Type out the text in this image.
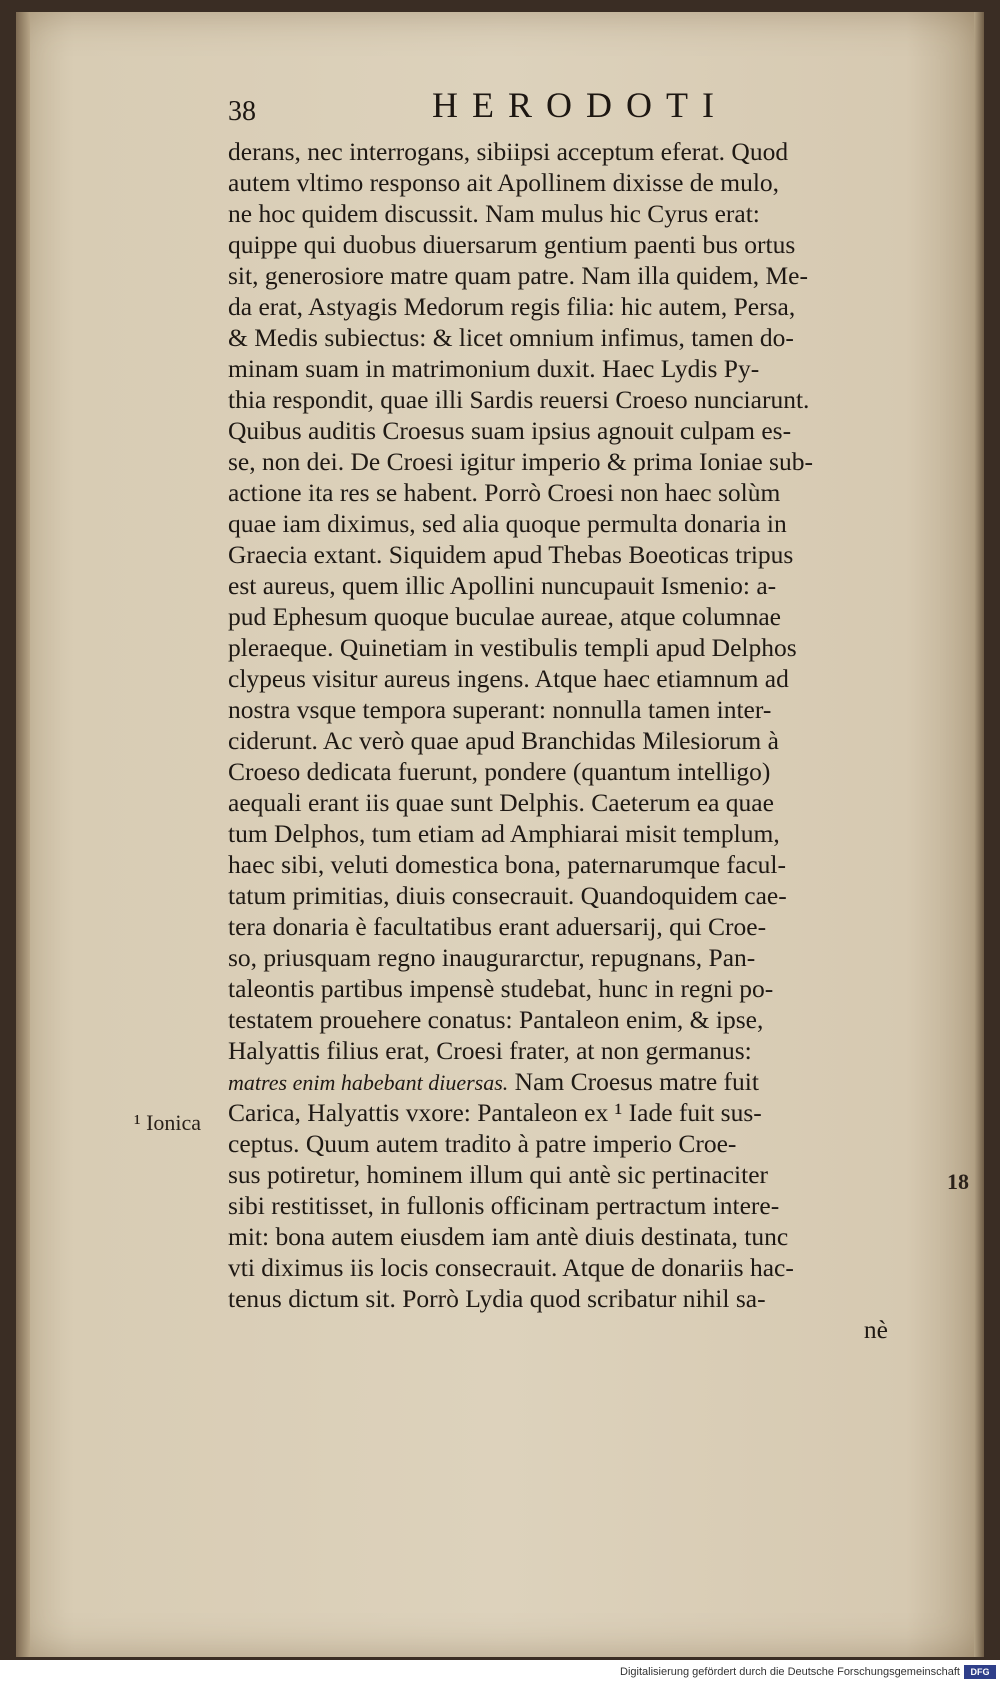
38	HERODOTI
derans, nec interrogans, sibiipsi acceptum eferat. Quod
autem vltimo responso ait Apollinem dixisse de mulo,
ne hoc quidem discussit. Nam mulus hic Cyrus erat:
quippe qui duobus diuersarum gentium paenti bus ortus
sit, generosiore matre quam patre. Nam illa quidem, Me-
da erat, Astyagis Medorum regis filia: hic autem, Persa,
& Medis subiectus: & licet omnium infimus, tamen do-
minam suam in matrimonium duxit. Haec Lydis Py-
thia respondit, quae illi Sardis reuersi Croeso nunciarunt.
Quibus auditis Croesus suam ipsius agnouit culpam es-
se, non dei. De Croesi igitur imperio & prima Ioniae sub-
actione ita res se habent. Porrò Croesi non haec solùm
quae iam diximus, sed alia quoque permulta donaria in
Graecia extant. Siquidem apud Thebas Boeoticas tripus
est aureus, quem illic Apollini nuncupauit Ismenio: a-
pud Ephesum quoque buculae aureae, atque columnae
pleraeque. Quinetiam in vestibulis templi apud Delphos
clypeus visitur aureus ingens. Atque haec etiamnum ad
nostra vsque tempora superant: nonnulla tamen inter-
ciderunt. Ac verò quae apud Branchidas Milesiorum à
Croeso dedicata fuerunt, pondere (quantum intelligo)
aequali erant iis quae sunt Delphis. Caeterum ea quae
tum Delphos, tum etiam ad Amphiarai misit templum,
haec sibi, veluti domestica bona, paternarumque facul-
tatum primitias, diuis consecrauit. Quandoquidem cae-
tera donaria è facultatibus erant aduersarij, qui Croe-
so, priusquam regno inaugurarctur, repugnans, Pan-
taleontis partibus impensè studebat, hunc in regni po-
testatem prouehere conatus: Pantaleon enim, & ipse,
Halyattis filius erat, Croesi frater, at non germanus:
matres enim habebant diuersas. Nam Croesus matre fuit
Carica, Halyattis vxore: Pantaleon ex ¹ Iade fuit sus-
ceptus. Quum autem tradito à patre imperio Croe-
sus potiretur, hominem illum qui antè sic pertinaciter
sibi restitisset, in fullonis officinam pertractum intere-
mit: bona autem eiusdem iam antè diuis destinata, tunc
vti diximus iis locis consecrauit. Atque de donariis hac-
tenus dictum sit. Porrò Lydia quod scribatur nihil sa-
nè
¹ Ionica
18
Digitalisierung gefördert durch die Deutsche Forschungsgemeinschaft	DFG
